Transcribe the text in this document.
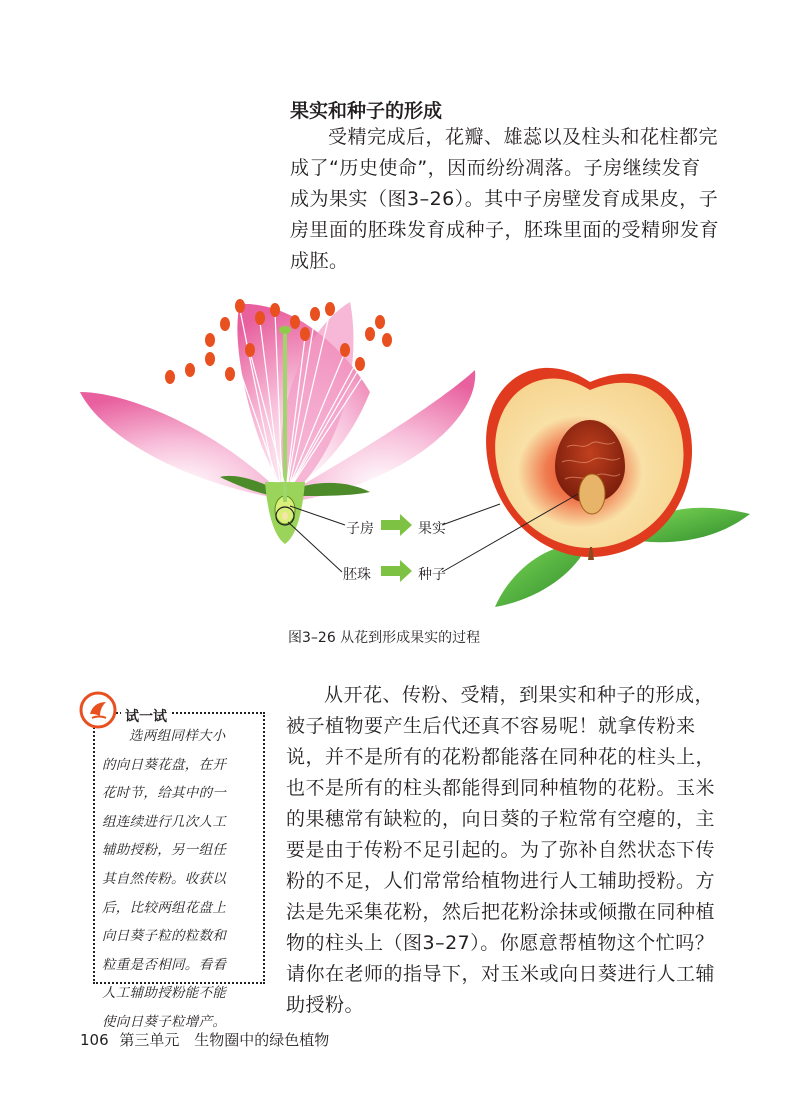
果实和种子的形成
受精完成后，花瓣、雄蕊以及柱头和花柱都完
成了“历史使命”，因而纷纷凋落。子房继续发育
成为果实（图3–26）。其中子房壁发育成果皮，子
房里面的胚珠发育成种子，胚珠里面的受精卵发育
成胚。
子房	果实
胚珠	种子
图3–26 从花到形成果实的过程
试一试
选两组同样大小
的向日葵花盘，在开
花时节，给其中的一
组连续进行几次人工
辅助授粉，另一组任
其自然传粉。收获以
后，比较两组花盘上
向日葵子粒的粒数和
粒重是否相同。看看
人工辅助授粉能不能
使向日葵子粒增产。
从开花、传粉、受精，到果实和种子的形成，
被子植物要产生后代还真不容易呢！就拿传粉来
说，并不是所有的花粉都能落在同种花的柱头上，
也不是所有的柱头都能得到同种植物的花粉。玉米
的果穗常有缺粒的，向日葵的子粒常有空瘪的，主
要是由于传粉不足引起的。为了弥补自然状态下传
粉的不足，人们常常给植物进行人工辅助授粉。方
法是先采集花粉，然后把花粉涂抹或倾撒在同种植
物的柱头上（图3–27）。你愿意帮植物这个忙吗？
请你在老师的指导下，对玉米或向日葵进行人工辅
助授粉。
106 第三单元 生物圈中的绿色植物
